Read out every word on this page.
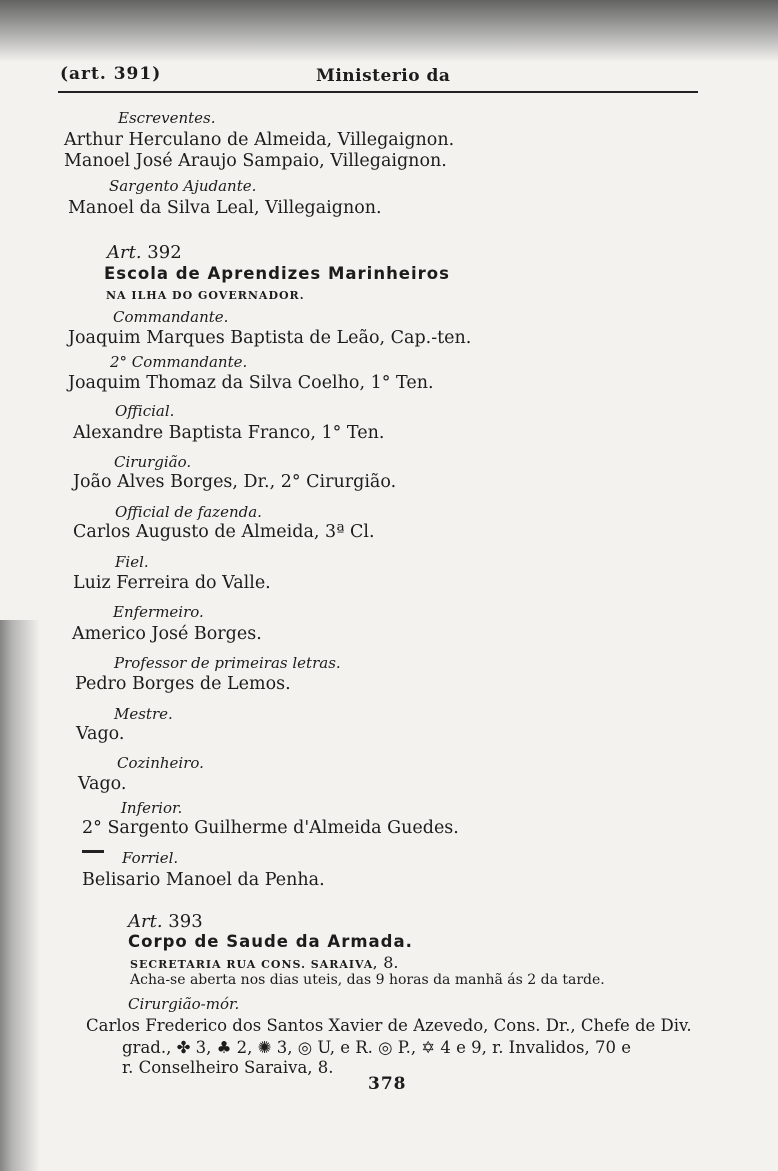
(art. 391)	Ministerio da
Escreventes.
Arthur Herculano de Almeida, Villegaignon.
Manoel José Araujo Sampaio, Villegaignon.
Sargento Ajudante.
Manoel da Silva Leal, Villegaignon.
Art. 392
Escola de Aprendizes Marinheiros
NA ILHA DO GOVERNADOR.
Commandante.
Joaquim Marques Baptista de Leão, Cap.-ten.
2° Commandante.
Joaquim Thomaz da Silva Coelho, 1° Ten.
Official.
Alexandre Baptista Franco, 1° Ten.
Cirurgião.
João Alves Borges, Dr., 2° Cirurgião.
Official de fazenda.
Carlos Augusto de Almeida, 3ª Cl.
Fiel.
Luiz Ferreira do Valle.
Enfermeiro.
Americo José Borges.
Professor de primeiras letras.
Pedro Borges de Lemos.
Mestre.
Vago.
Cozinheiro.
Vago.
Inferior.
2° Sargento Guilherme d'Almeida Guedes.
Forriel.
Belisario Manoel da Penha.
Art. 393
Corpo de Saude da Armada.
SECRETARIA RUA CONS. SARAIVA, 8.
Acha-se aberta nos dias uteis, das 9 horas da manhã ás 2 da tarde.
Cirurgião-mór.
Carlos Frederico dos Santos Xavier de Azevedo, Cons. Dr., Chefe de Div.
grad., ✤ 3, ♣ 2, ✺ 3, ◎ U, e R. ◎ P., ✡ 4 e 9, r. Invalidos, 70 e
r. Conselheiro Saraiva, 8.
378
